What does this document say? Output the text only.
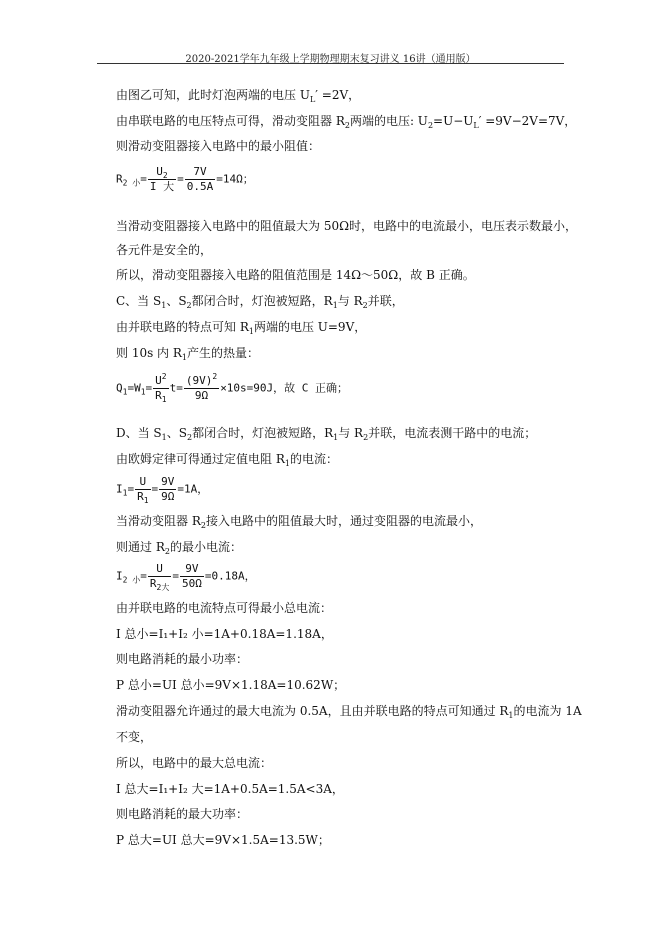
2020-2021学年九年级上学期物理期末复习讲义 16讲（通用版）
由图乙可知，此时灯泡两端的电压 $U_L' =2V$，
由串联电路的电压特点可得，滑动变阻器 $R_2$两端的电压: $U_2=U-U_L' =9V-2V=7V$，
则滑动变阻器接入电路中的最小阻值：
$R_{2 小}= \frac{U_2}{\text{I 大}} = \frac{7V}{0.5A} =14\Omega$；
当滑动变阻器接入电路中的阻值最大为 50Ω时，电路中的电流最小，电压表示数最小，
各元件是安全的，
所以，滑动变阻器接入电路的阻值范围是 14Ω～50Ω，故 B 正确。
C、当 $S_1$、$S_2$都闭合时，灯泡被短路，$R_1$与 $R_2$并联，
由并联电路的特点可知 $R_1$两端的电压 U=9V，
则 10s 内 $R_1$产生的热量：
$Q_1=W_1= \frac{U^2}{R_1} t= \frac{(9V)^2}{9\Omega} \times 10s=90J$，故 C 正确；
D、当 $S_1$、$S_2$都闭合时，灯泡被短路，$R_1$与 $R_2$并联，电流表测干路中的电流；
由欧姆定律可得通过定值电阻 $R_1$的电流：
$I_1= \frac{U}{R_1} = \frac{9V}{9\Omega} =1A$，
当滑动变阻器 $R_2$接入电路中的阻值最大时，通过变阻器的电流最小，
则通过 $R_2$的最小电流：
$I_{2 小}= \frac{U}{R_{2大}} = \frac{9V}{50\Omega} =0.18A$，
由并联电路的电流特点可得最小总电流：
I 总小=I₁+I₂ 小=1A+0.18A=1.18A，
则电路消耗的最小功率：
P 总小=UI 总小=9V×1.18A=10.62W；
滑动变阻器允许通过的最大电流为 0.5A，且由并联电路的特点可知通过 $R_1$的电流为 1A
不变，
所以，电路中的最大总电流：
I 总大=I₁+I₂ 大=1A+0.5A=1.5A<3A，
则电路消耗的最大功率：
P 总大=UI 总大=9V×1.5A=13.5W；
